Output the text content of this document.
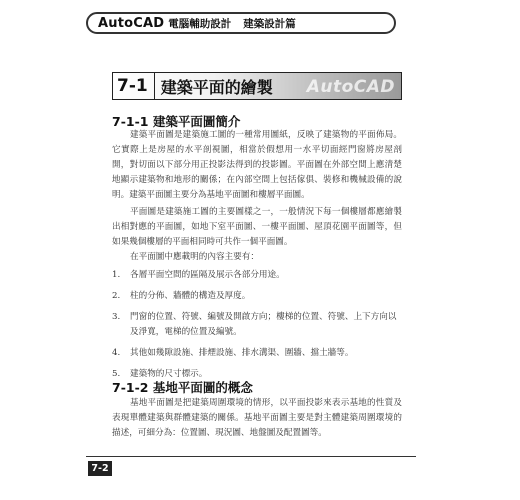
AutoCAD 電腦輔助設計 建築設計篇
7-1 建築平面的繪製 AutoCAD
7-1-1 建築平面圖簡介
建築平面圖是建築施工圖的一種常用圖紙，反映了建築物的平面佈局。它實際上是房屋的水平剖視圖，相當於假想用一水平切面經門窗將房屋剖開，對切面以下部分用正投影法得到的投影圖。平面圖在外部空間上應清楚地顯示建築物和地形的關係；在內部空間上包括傢俱、裝修和機械設備的說明。建築平面圖主要分為基地平面圖和樓層平面圖。
平面圖是建築施工圖的主要圖樣之一，一般情況下每一個樓層都應繪製出相對應的平面圖，如地下室平面圖、一樓平面圖、屋頂花園平面圖等，但如果幾個樓層的平面相同時可共作一個平面圖。
在平面圖中應載明的內容主要有：
1.	各層平面空間的區隔及展示各部分用途。
2.	柱的分佈、牆體的構造及厚度。
3.	門窗的位置、符號、編號及開啟方向；樓梯的位置、符號、上下方向以及淨寬，電梯的位置及編號。
4.	其他如幾隙設施、排煙設施、排水溝渠、圍牆、擋土牆等。
5.	建築物的尺寸標示。
7-1-2 基地平面圖的概念
基地平面圖是把建築周圍環境的情形，以平面投影來表示基地的性質及表現單體建築與群體建築的關係。基地平面圖主要是對主體建築周圍環境的描述，可細分為：位置圖、現況圖、地盤圖及配置圖等。
7-2
